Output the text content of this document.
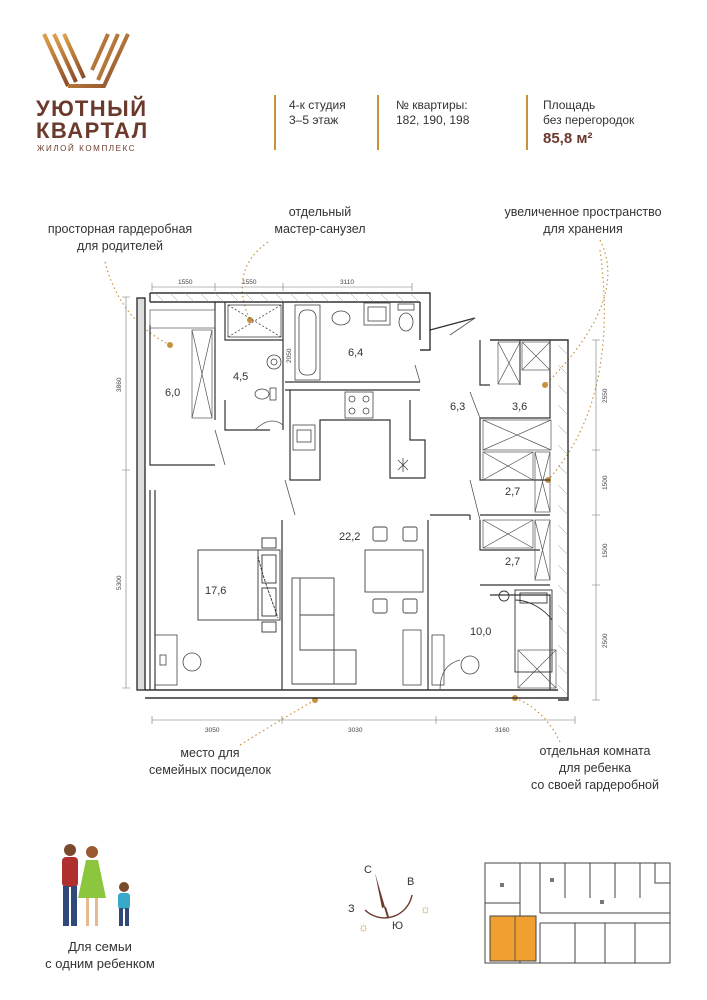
УЮТНЫЙ
КВАРТАЛ
ЖИЛОЙ КОМПЛЕКС
4-к студия
3–5 этаж
№ квартиры:
182, 190, 198
Площадь
без перегородок
85,8 м²
просторная гардеробная
для родителей
отдельный
мастер-санузел
увеличенное пространство
для хранения
место для
семейных посиделок
отдельная комната
для ребенка
со своей гардеробной
1550	1550	3110
3050	3030	3160
3860
5300
2550
1500
1500
2500
2050
6,0
4,5
6,4
6,3	3,6
2,7
2,7
22,2
17,6
10,0
Для семьи
с одним ребенком
С
В
З
Ю
☼
☼
